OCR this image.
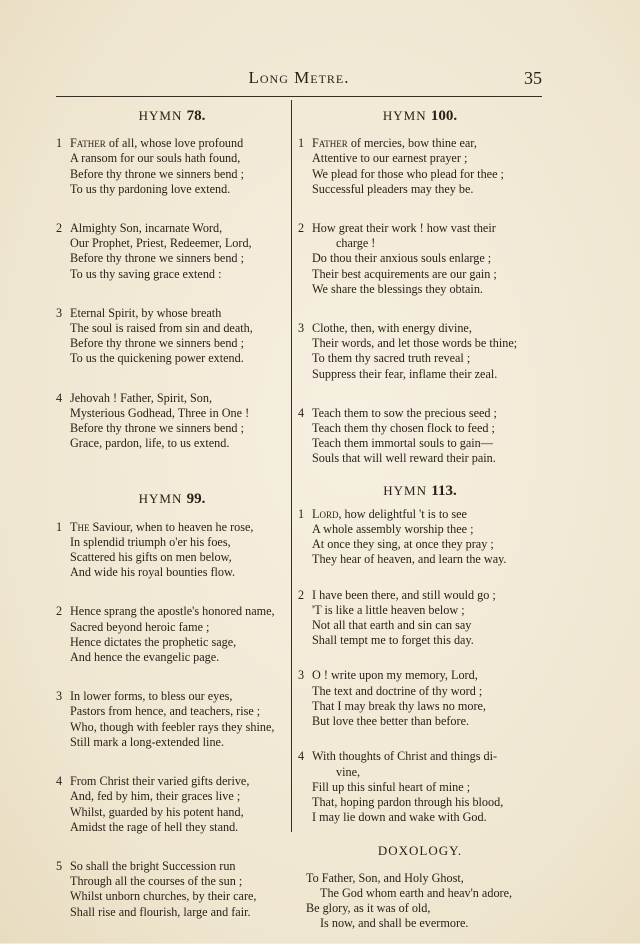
Long Metre.	35
HYMN 78.
1 Father of all, whose love profound
A ransom for our souls hath found,
Before thy throne we sinners bend ;
To us thy pardoning love extend.
2 Almighty Son, incarnate Word,
Our Prophet, Priest, Redeemer, Lord,
Before thy throne we sinners bend ;
To us thy saving grace extend :
3 Eternal Spirit, by whose breath
The soul is raised from sin and death,
Before thy throne we sinners bend ;
To us the quickening power extend.
4 Jehovah ! Father, Spirit, Son,
Mysterious Godhead, Three in One !
Before thy throne we sinners bend ;
Grace, pardon, life, to us extend.
HYMN 99.
1 The Saviour, when to heaven he rose,
In splendid triumph o'er his foes,
Scattered his gifts on men below,
And wide his royal bounties flow.
2 Hence sprang the apostle's honored name,
Sacred beyond heroic fame ;
Hence dictates the prophetic sage,
And hence the evangelic page.
3 In lower forms, to bless our eyes,
Pastors from hence, and teachers, rise ;
Who, though with feebler rays they shine,
Still mark a long-extended line.
4 From Christ their varied gifts derive,
And, fed by him, their graces live ;
Whilst, guarded by his potent hand,
Amidst the rage of hell they stand.
5 So shall the bright Succession run
Through all the courses of the sun ;
Whilst unborn churches, by their care,
Shall rise and flourish, large and fair.
HYMN 100.
1 Father of mercies, bow thine ear,
Attentive to our earnest prayer ;
We plead for those who plead for thee ;
Successful pleaders may they be.
2 How great their work ! how vast their
charge !
Do thou their anxious souls enlarge ;
Their best acquirements are our gain ;
We share the blessings they obtain.
3 Clothe, then, with energy divine,
Their words, and let those words be thine;
To them thy sacred truth reveal ;
Suppress their fear, inflame their zeal.
4 Teach them to sow the precious seed ;
Teach them thy chosen flock to feed ;
Teach them immortal souls to gain—
Souls that will well reward their pain.
HYMN 113.
1 Lord, how delightful 't is to see
A whole assembly worship thee ;
At once they sing, at once they pray ;
They hear of heaven, and learn the way.
2 I have been there, and still would go ;
'T is like a little heaven below ;
Not all that earth and sin can say
Shall tempt me to forget this day.
3 O ! write upon my memory, Lord,
The text and doctrine of thy word ;
That I may break thy laws no more,
But love thee better than before.
4 With thoughts of Christ and things di-
vine,
Fill up this sinful heart of mine ;
That, hoping pardon through his blood,
I may lie down and wake with God.
DOXOLOGY.
To Father, Son, and Holy Ghost,
The God whom earth and heav'n adore,
Be glory, as it was of old,
Is now, and shall be evermore.
